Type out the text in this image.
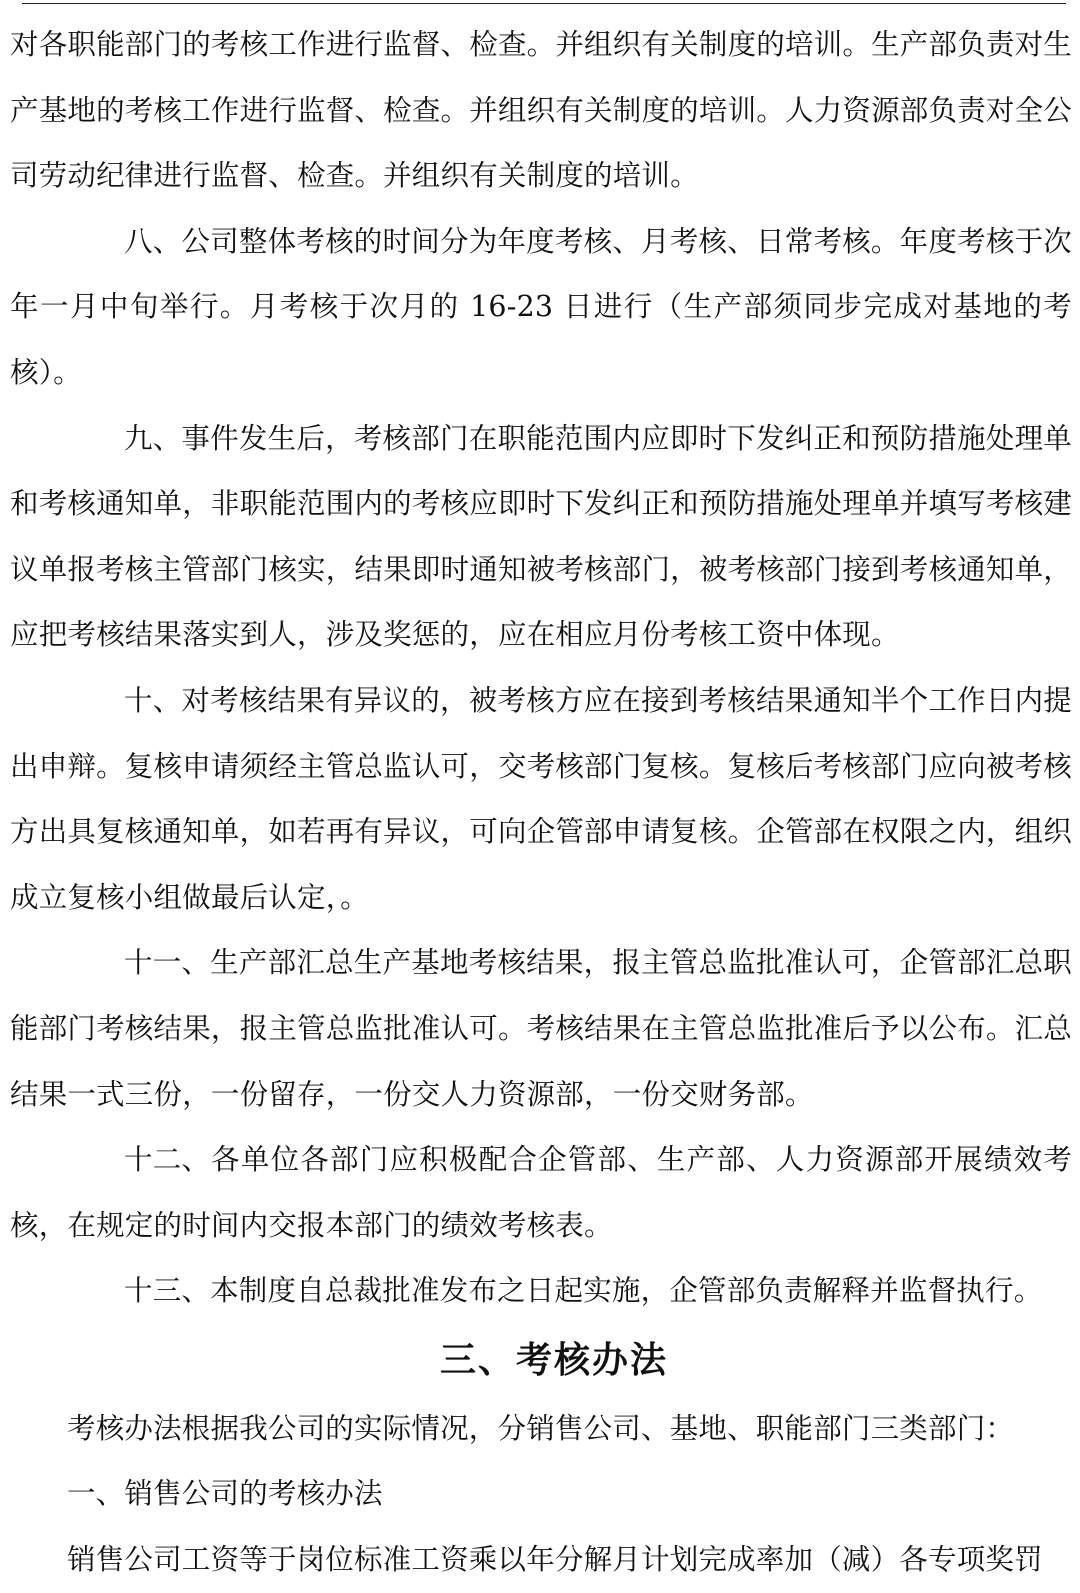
对各职能部门的考核工作进行监督、检查。并组织有关制度的培训。生产部负责对生产基地的考核工作进行监督、检查。并组织有关制度的培训。人力资源部负责对全公司劳动纪律进行监督、检查。并组织有关制度的培训。

八、公司整体考核的时间分为年度考核、月考核、日常考核。年度考核于次年一月中旬举行。月考核于次月的 16-23 日进行（生产部须同步完成对基地的考核）。

九、事件发生后，考核部门在职能范围内应即时下发纠正和预防措施处理单和考核通知单，非职能范围内的考核应即时下发纠正和预防措施处理单并填写考核建议单报考核主管部门核实，结果即时通知被考核部门，被考核部门接到考核通知单，应把考核结果落实到人，涉及奖惩的，应在相应月份考核工资中体现。

十、对考核结果有异议的，被考核方应在接到考核结果通知半个工作日内提出申辩。复核申请须经主管总监认可，交考核部门复核。复核后考核部门应向被考核方出具复核通知单，如若再有异议，可向企管部申请复核。企管部在权限之内，组织成立复核小组做最后认定，。

十一、生产部汇总生产基地考核结果，报主管总监批准认可，企管部汇总职能部门考核结果，报主管总监批准认可。考核结果在主管总监批准后予以公布。汇总结果一式三份，一份留存，一份交人力资源部，一份交财务部。

十二、各单位各部门应积极配合企管部、生产部、人力资源部开展绩效考核，在规定的时间内交报本部门的绩效考核表。

十三、本制度自总裁批准发布之日起实施，企管部负责解释并监督执行。

三、考核办法

考核办法根据我公司的实际情况，分销售公司、基地、职能部门三类部门：

一、销售公司的考核办法

销售公司工资等于岗位标准工资乘以年分解月计划完成率加（减）各专项奖罚
